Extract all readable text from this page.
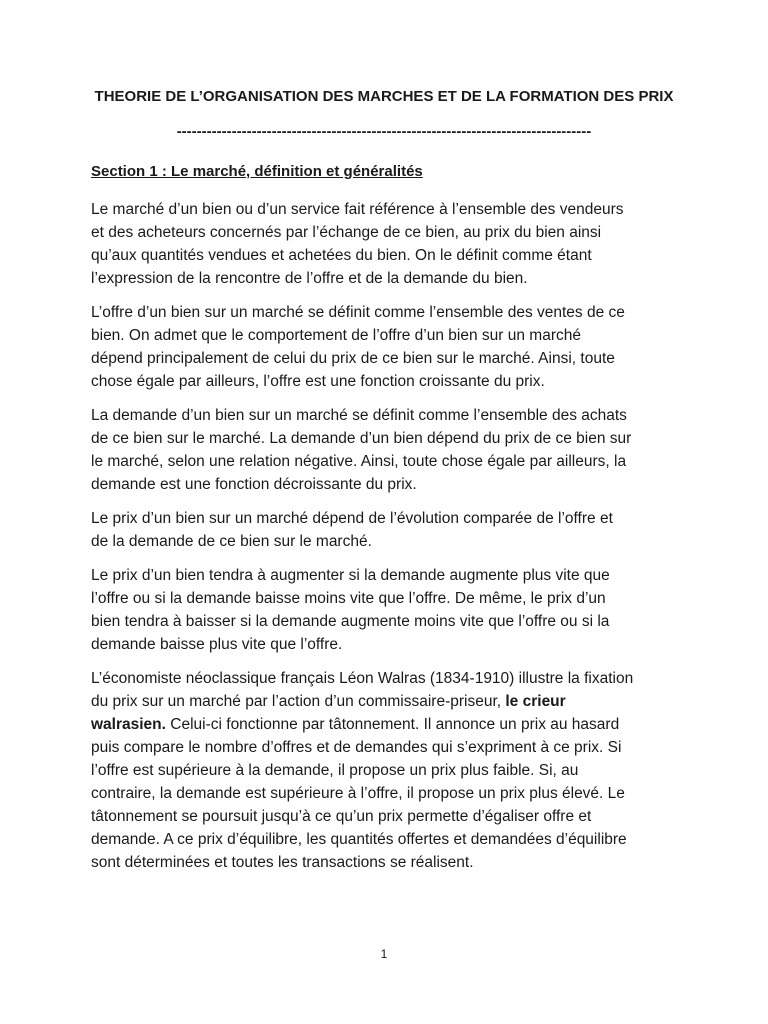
THEORIE DE L’ORGANISATION DES MARCHES ET DE LA FORMATION DES PRIX
-----------------------------------------------------------------------------------
Section 1 : Le marché, définition et généralités

Le marché d’un bien ou d’un service fait référence à l’ensemble des vendeurs
et des acheteurs concernés par l’échange de ce bien, au prix du bien ainsi
qu’aux quantités vendues et achetées du bien. On le définit comme étant
l’expression de la rencontre de l’offre et de la demande du bien.

L’offre d’un bien sur un marché se définit comme l’ensemble des ventes de ce
bien. On admet que le comportement de l’offre d’un bien sur un marché
dépend principalement de celui du prix de ce bien sur le marché. Ainsi, toute
chose égale par ailleurs, l’offre est une fonction croissante du prix.

La demande d’un bien sur un marché se définit comme l’ensemble des achats
de ce bien sur le marché. La demande d’un bien dépend du prix de ce bien sur
le marché, selon une relation négative. Ainsi, toute chose égale par ailleurs, la
demande est une fonction décroissante du prix.

Le prix d’un bien sur un marché dépend de l’évolution comparée de l’offre et
de la demande de ce bien sur le marché.

Le prix d’un bien tendra à augmenter si la demande augmente plus vite que
l’offre ou si la demande baisse moins vite que l’offre. De même, le prix d’un
bien tendra à baisser si la demande augmente moins vite que l’offre ou si la
demande baisse plus vite que l’offre.

L’économiste néoclassique français Léon Walras (1834-1910) illustre la fixation
du prix sur un marché par l’action d’un commissaire-priseur, le crieur
walrasien. Celui-ci fonctionne par tâtonnement. Il annonce un prix au hasard
puis compare le nombre d’offres et de demandes qui s’expriment à ce prix. Si
l’offre est supérieure à la demande, il propose un prix plus faible. Si, au
contraire, la demande est supérieure à l’offre, il propose un prix plus élevé. Le
tâtonnement se poursuit jusqu’à ce qu’un prix permette d’égaliser offre et
demande. A ce prix d’équilibre, les quantités offertes et demandées d’équilibre
sont déterminées et toutes les transactions se réalisent.

1
